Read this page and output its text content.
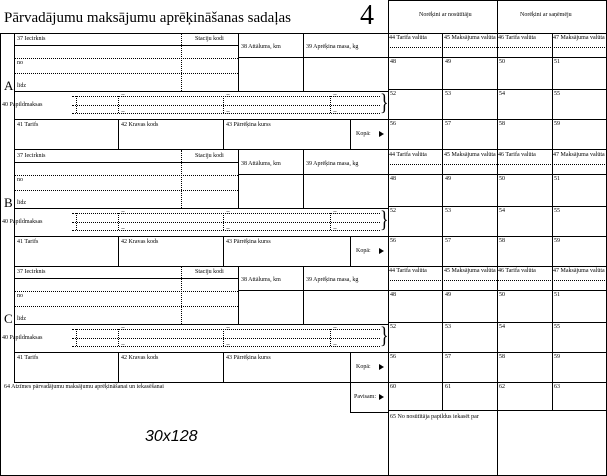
Pārvadājumu maksājumu aprēķināšanas sadaļas 4	Norēķini ar nosūtītāju	Norēķini ar saņēmēju
A
37 Iecirknis	Staciju kodi
38 Attālums, km	39 Aprēķina masa, kg
no
līdz
40 Papildmaksas
=
=
=
=
=
= }
41 Tarifs	42 Kravas kods	43 Pārrēķina kurss
Kopā:
44 Tarifa valūta	45 Maksājuma valūta 46 Tarifa valūta	47 Maksājuma valūta
48	49	50	51
52	53	54	55
56	57	58	59
B
37 Iecirknis	Staciju kodi
38 Attālums, km	39 Aprēķina masa, kg
no
līdz
40 Papildmaksas
=
=
=
=
=
= }
41 Tarifs	42 Kravas kods	43 Pārrēķina kurss
Kopā:
44 Tarifa valūta	45 Maksājuma valūta 46 Tarifa valūta	47 Maksājuma valūta
48	49	50	51
52	53	54	55
56	57	58	59
C
37 Iecirknis	Staciju kodi
38 Attālums, km	39 Aprēķina masa, kg
no
līdz
40 Papildmaksas
=
=
=
=
=
= }
41 Tarifs	42 Kravas kods	43 Pārrēķina kurss
Kopā:
44 Tarifa valūta	45 Maksājuma valūta 46 Tarifa valūta	47 Maksājuma valūta
48	49	50	51
52	53	54	55
56	57	58	59
64 Atzīmes pārvadājumu maksājumu aprēķināšanai un iekasēšanai
Pavisam:
60	61	62	63
65 No nosūtītāja papildus iekasēt par
30x128
